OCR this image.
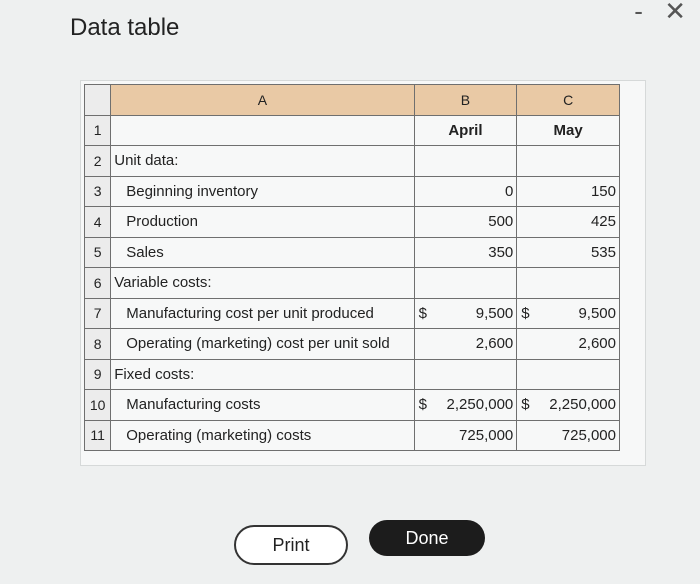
Data table
- ✕
	A	B	C
1		April	May
2	Unit data:		
3	Beginning inventory	0	150
4	Production	500	425
5	Sales	350	535
6	Variable costs:		
7	Manufacturing cost per unit produced	$ 9,500	$ 9,500
8	Operating (marketing) cost per unit sold	2,600	2,600
9	Fixed costs:		
10	Manufacturing costs	$ 2,250,000	$ 2,250,000
11	Operating (marketing) costs	725,000	725,000
Print	Done
